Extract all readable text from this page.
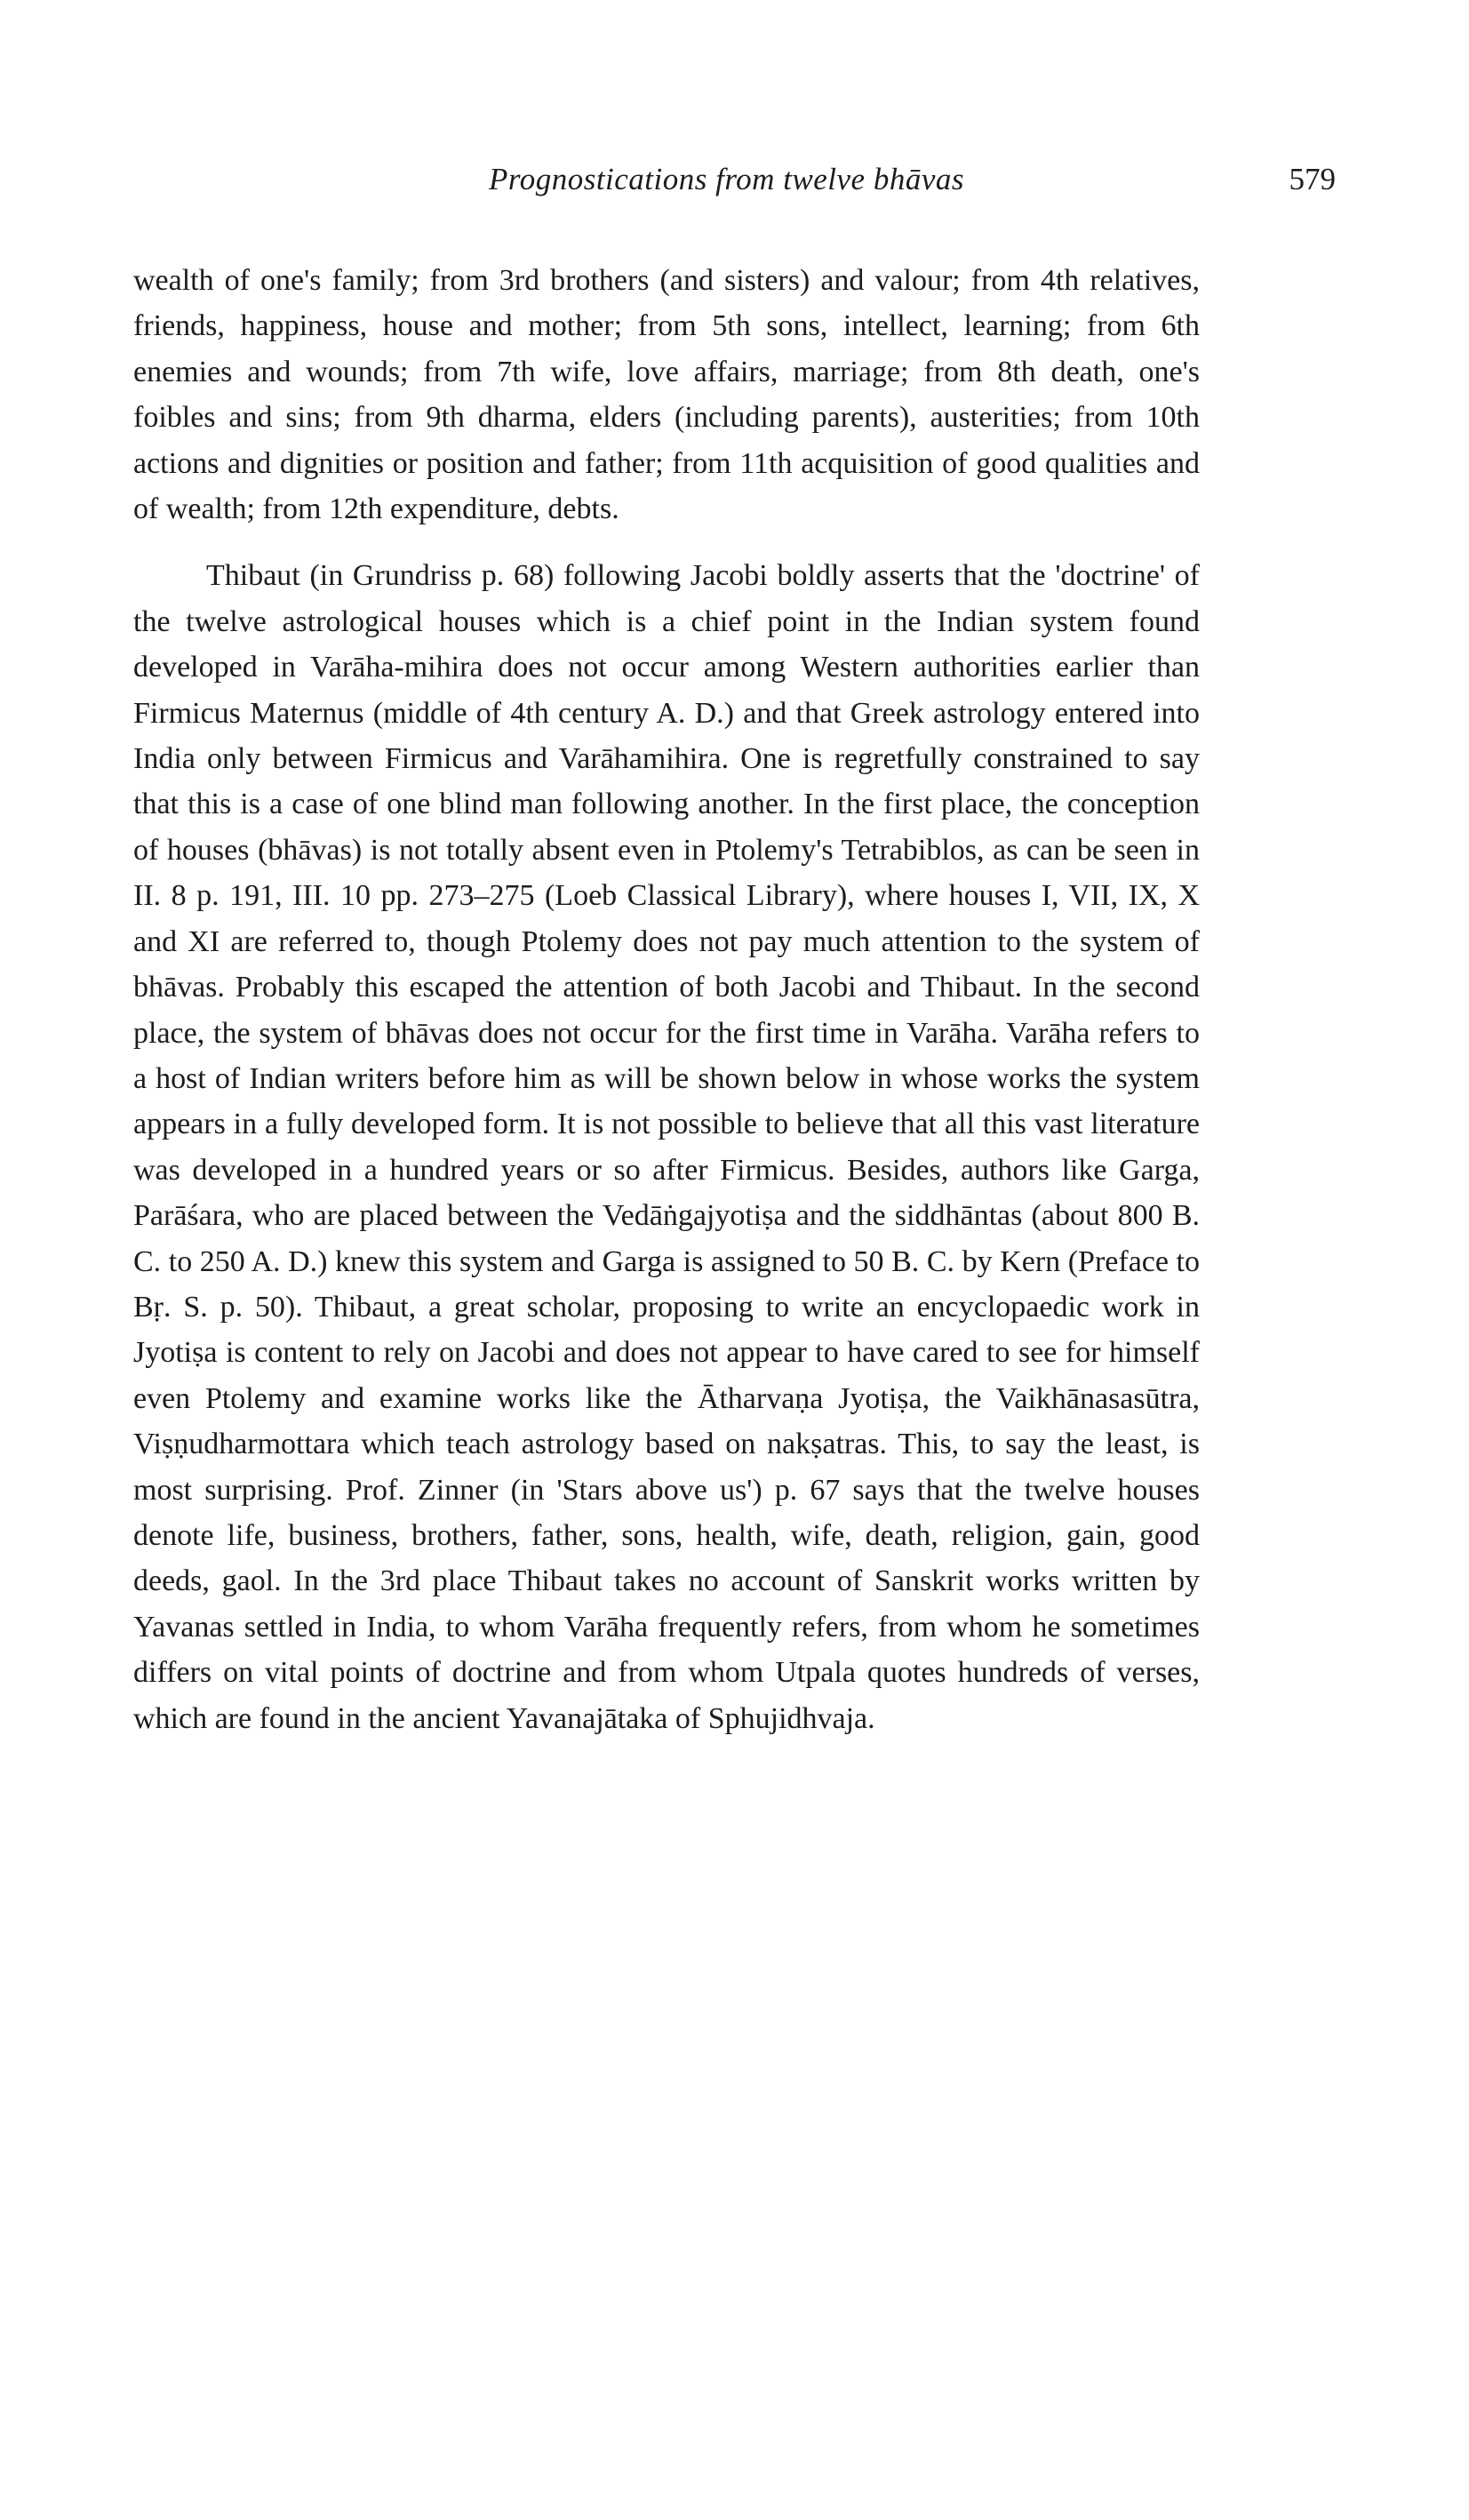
Prognostications from twelve bhāvas	579

wealth of one's family; from 3rd brothers (and sisters) and valour; from 4th relatives, friends, happiness, house and mother; from 5th sons, intellect, learning; from 6th enemies and wounds; from 7th wife, love affairs, marriage; from 8th death, one's foibles and sins; from 9th dharma, elders (including parents), austerities; from 10th actions and dignities or position and father; from 11th acquisition of good qualities and of wealth; from 12th expenditure, debts.

Thibaut (in Grundriss p. 68) following Jacobi boldly asserts that the 'doctrine' of the twelve astrological houses which is a chief point in the Indian system found developed in Varāha-mihira does not occur among Western authorities earlier than Firmicus Maternus (middle of 4th century A. D.) and that Greek astrology entered into India only between Firmicus and Varāhamihira. One is regretfully constrained to say that this is a case of one blind man following another. In the first place, the conception of houses (bhāvas) is not totally absent even in Ptolemy's Tetrabiblos, as can be seen in II. 8 p. 191, III. 10 pp. 273–275 (Loeb Classical Library), where houses I, VII, IX, X and XI are referred to, though Ptolemy does not pay much attention to the system of bhāvas. Probably this escaped the attention of both Jacobi and Thibaut. In the second place, the system of bhāvas does not occur for the first time in Varāha. Varāha refers to a host of Indian writers before him as will be shown below in whose works the system appears in a fully developed form. It is not possible to believe that all this vast literature was developed in a hundred years or so after Firmicus. Besides, authors like Garga, Parāśara, who are placed between the Vedāṅgajyotiṣa and the siddhāntas (about 800 B. C. to 250 A. D.) knew this system and Garga is assigned to 50 B. C. by Kern (Preface to Bṛ. S. p. 50). Thibaut, a great scholar, proposing to write an encyclopaedic work in Jyotiṣa is content to rely on Jacobi and does not appear to have cared to see for himself even Ptolemy and examine works like the Ātharvaṇa Jyotiṣa, the Vaikhānasasūtra, Viṣṇudharmottara which teach astrology based on nakṣatras. This, to say the least, is most surprising. Prof. Zinner (in 'Stars above us') p. 67 says that the twelve houses denote life, business, brothers, father, sons, health, wife, death, religion, gain, good deeds, gaol. In the 3rd place Thibaut takes no account of Sanskrit works written by Yavanas settled in India, to whom Varāha frequently refers, from whom he sometimes differs on vital points of doctrine and from whom Utpala quotes hundreds of verses, which are found in the ancient Yavanajātaka of Sphujidhvaja.
